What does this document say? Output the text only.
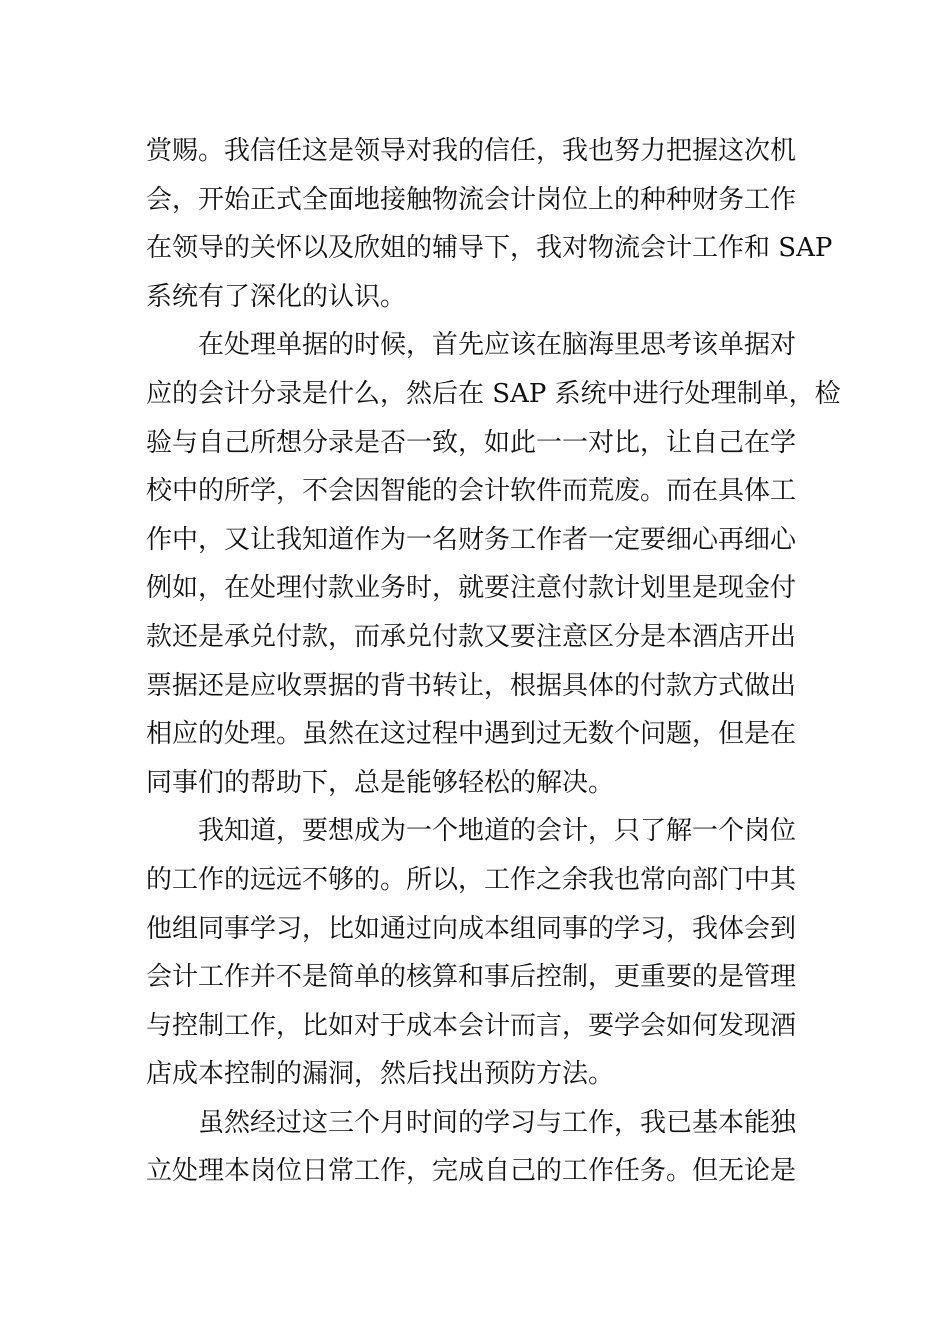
赏赐。我信任这是领导对我的信任，我也努力把握这次机
会，开始正式全面地接触物流会计岗位上的种种财务工作
在领导的关怀以及欣姐的辅导下，我对物流会计工作和 SAP
系统有了深化的认识。
在处理单据的时候，首先应该在脑海里思考该单据对
应的会计分录是什么，然后在 SAP 系统中进行处理制单，检
验与自己所想分录是否一致，如此一一对比，让自己在学
校中的所学，不会因智能的会计软件而荒废。而在具体工
作中，又让我知道作为一名财务工作者一定要细心再细心
例如，在处理付款业务时，就要注意付款计划里是现金付
款还是承兑付款，而承兑付款又要注意区分是本酒店开出
票据还是应收票据的背书转让，根据具体的付款方式做出
相应的处理。虽然在这过程中遇到过无数个问题，但是在
同事们的帮助下，总是能够轻松的解决。
我知道，要想成为一个地道的会计，只了解一个岗位
的工作的远远不够的。所以，工作之余我也常向部门中其
他组同事学习，比如通过向成本组同事的学习，我体会到
会计工作并不是简单的核算和事后控制，更重要的是管理
与控制工作，比如对于成本会计而言，要学会如何发现酒
店成本控制的漏洞，然后找出预防方法。
虽然经过这三个月时间的学习与工作，我已基本能独
立处理本岗位日常工作，完成自己的工作任务。但无论是
